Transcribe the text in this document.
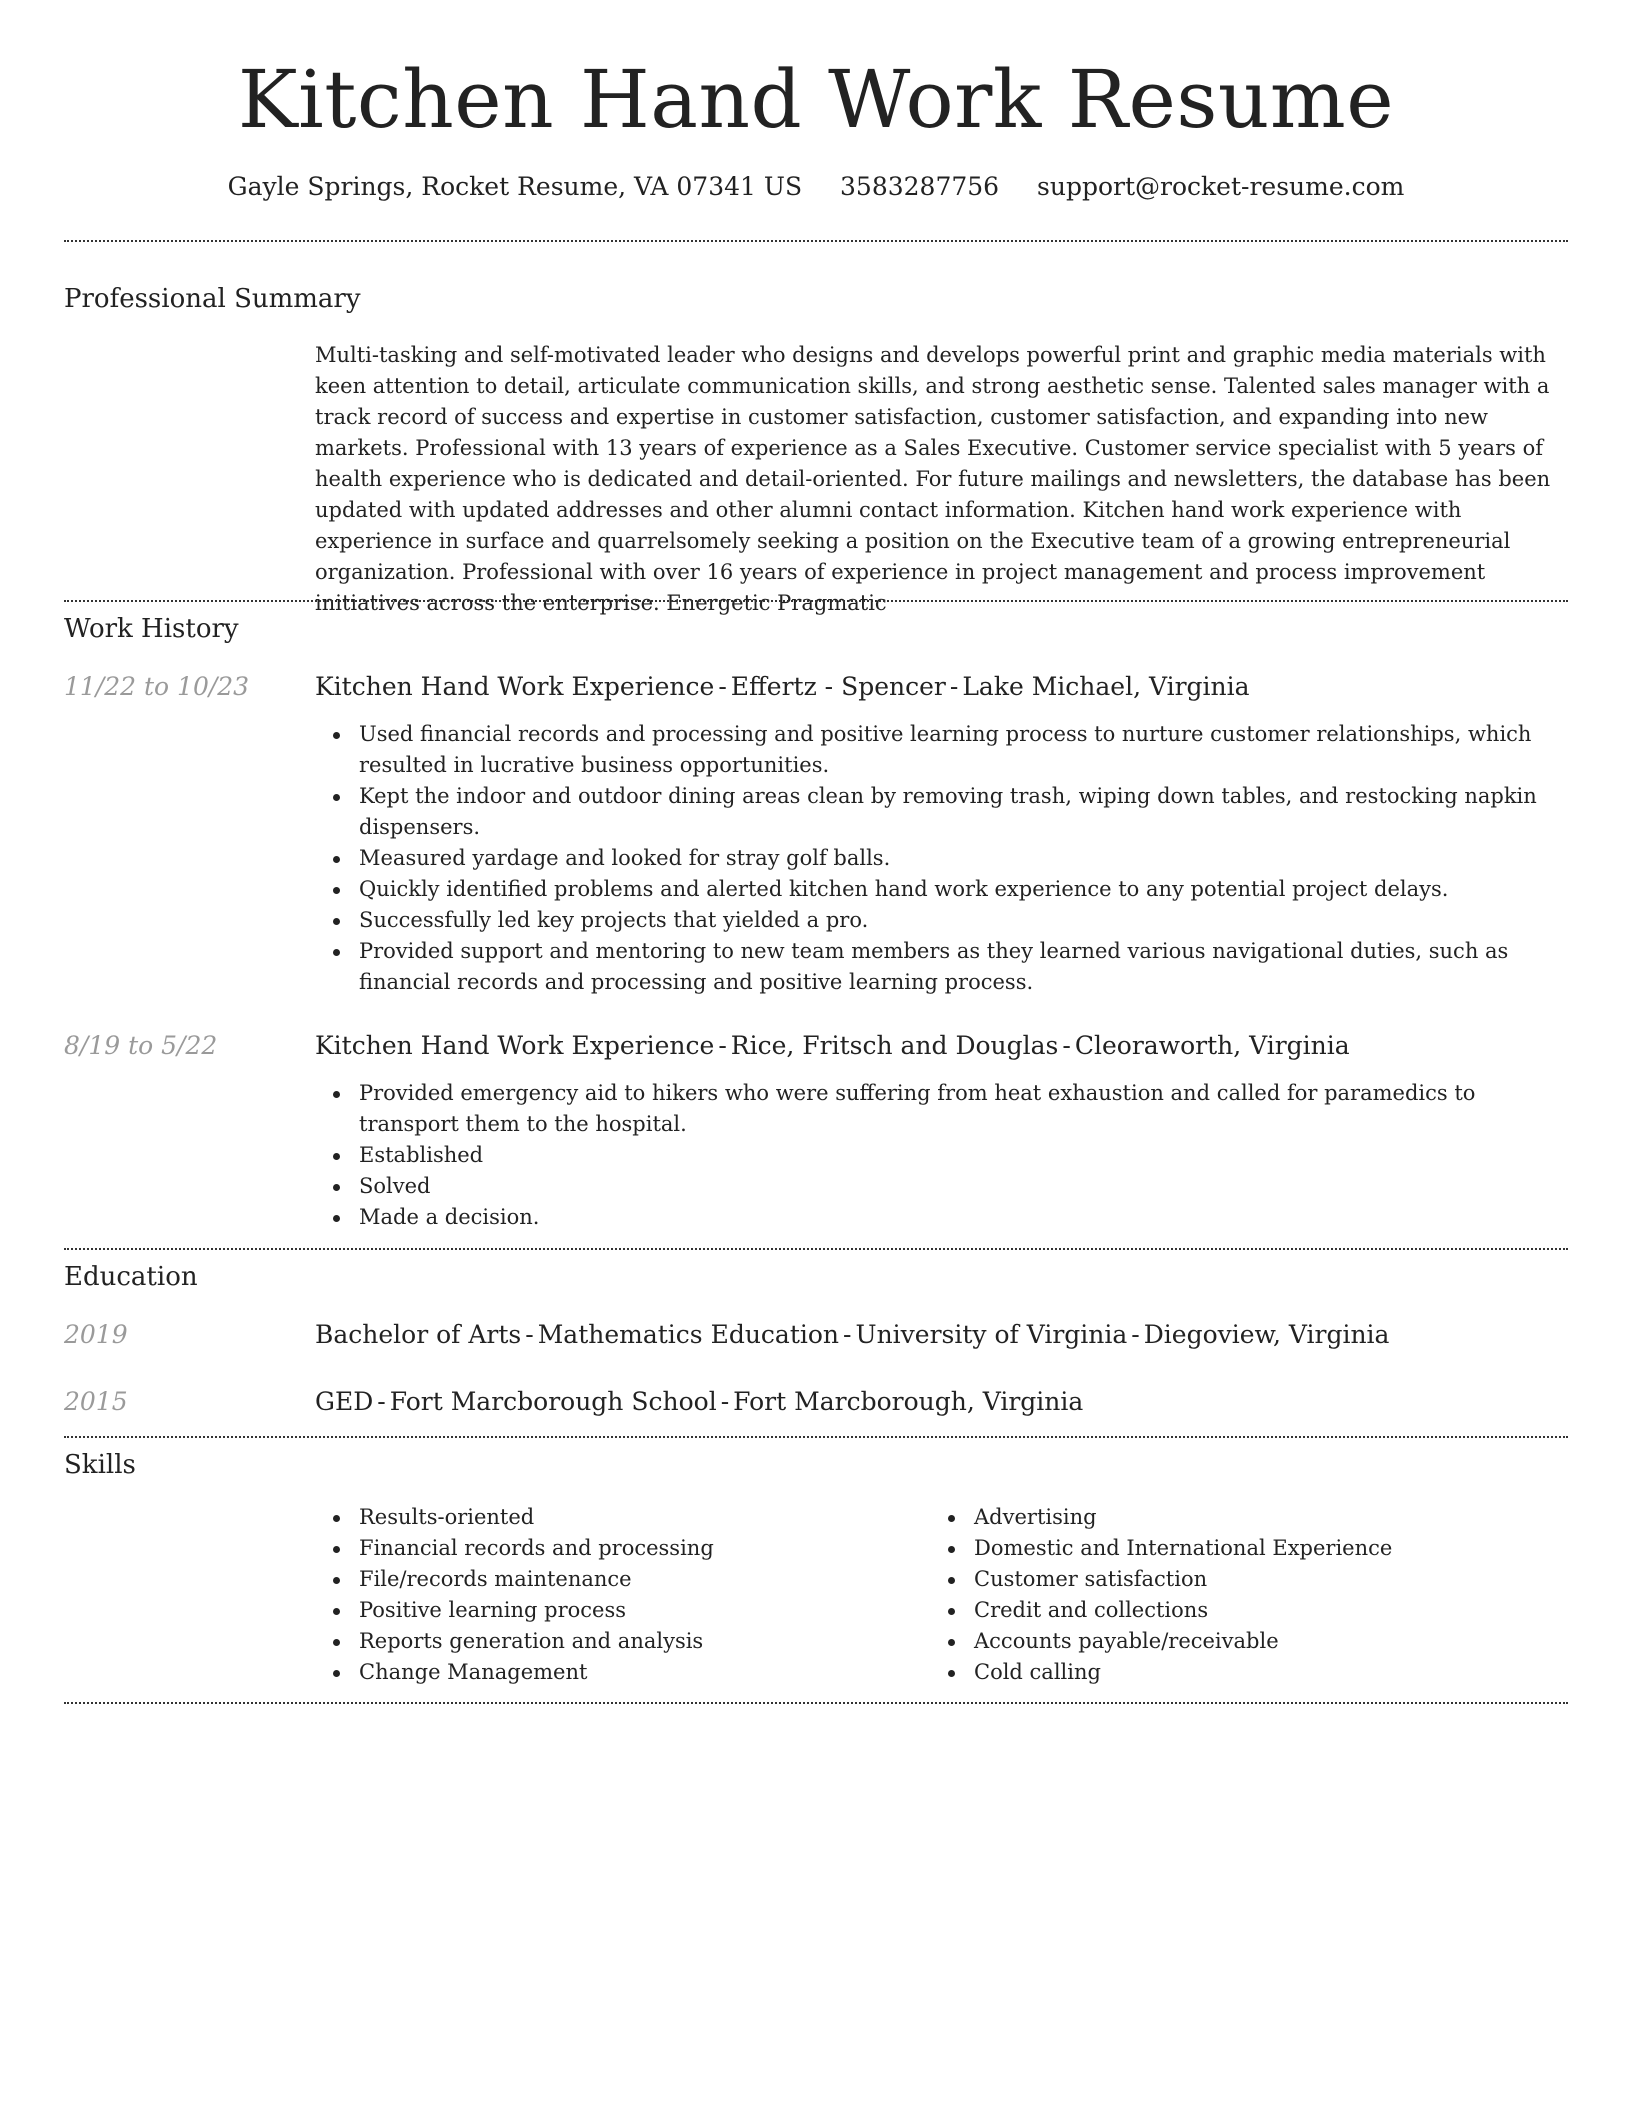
Kitchen Hand Work Resume
Gayle Springs, Rocket Resume, VA 07341 US 3583287756 support@rocket-resume.com
Professional Summary

Multi-tasking and self-motivated leader who designs and develops powerful print and graphic media materials with keen attention to detail, articulate communication skills, and strong aesthetic sense. Talented sales manager with a track record of success and expertise in customer satisfaction, customer satisfaction, and expanding into new markets. Professional with 13 years of experience as a Sales Executive. Customer service specialist with 5 years of health experience who is dedicated and detail-oriented. For future mailings and newsletters, the database has been updated with updated addresses and other alumni contact information. Kitchen hand work experience with experience in surface and quarrelsomely seeking a position on the Executive team of a growing entrepreneurial organization. Professional with over 16 years of experience in project management and process improvement initiatives across the enterprise. Energetic Pragmatic

Work History
11/22 to 10/23	Kitchen Hand Work Experience - Effertz - Spencer - Lake Michael, Virginia
Used financial records and processing and positive learning process to nurture customer relationships, which resulted in lucrative business opportunities.
Kept the indoor and outdoor dining areas clean by removing trash, wiping down tables, and restocking napkin dispensers.
Measured yardage and looked for stray golf balls.
Quickly identified problems and alerted kitchen hand work experience to any potential project delays.
Successfully led key projects that yielded a pro.
Provided support and mentoring to new team members as they learned various navigational duties, such as financial records and processing and positive learning process.
8/19 to 5/22	Kitchen Hand Work Experience - Rice, Fritsch and Douglas - Cleoraworth, Virginia
Provided emergency aid to hikers who were suffering from heat exhaustion and called for paramedics to transport them to the hospital.
Established
Solved
Made a decision.
Education
2019	Bachelor of Arts - Mathematics Education - University of Virginia - Diegoview, Virginia
2015	GED - Fort Marcborough School - Fort Marcborough, Virginia
Skills
Results-oriented
Financial records and processing
File/records maintenance
Positive learning process
Reports generation and analysis
Change Management
Advertising
Domestic and International Experience
Customer satisfaction
Credit and collections
Accounts payable/receivable
Cold calling
